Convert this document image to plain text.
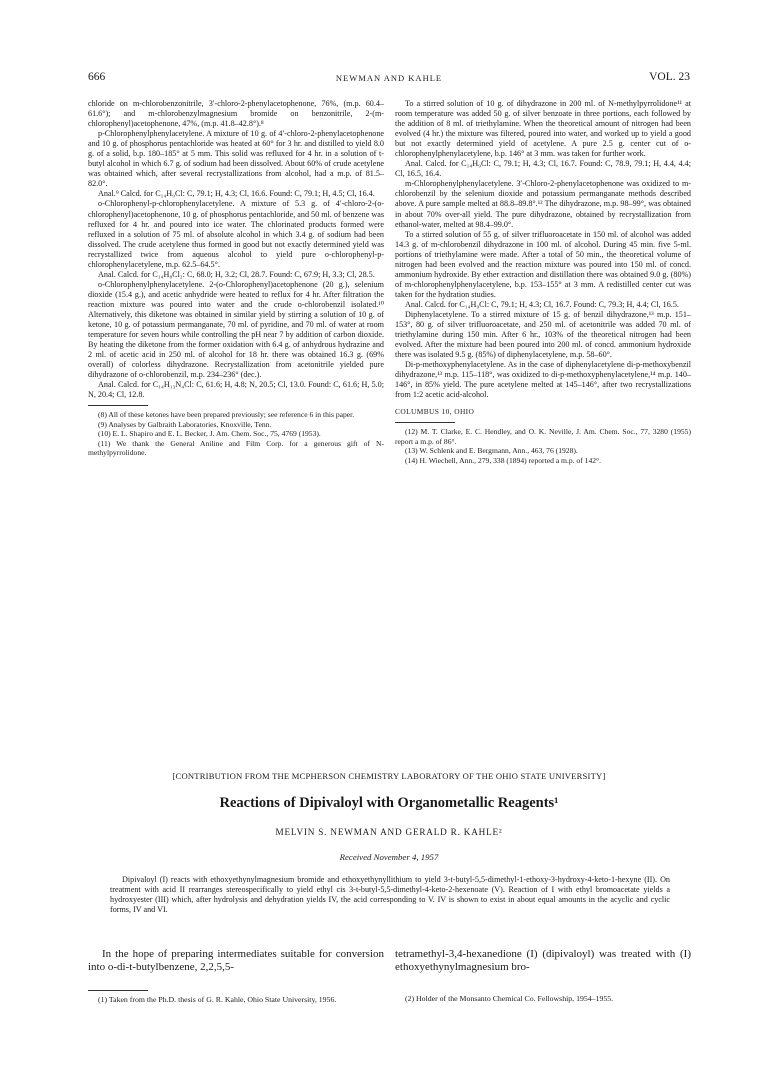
666	NEWMAN AND KAHLE	VOL. 23

chloride on m-chlorobenzonitrile, 3′-chloro-2-phenylacetophenone, 76%, (m.p. 60.4–61.6°); and m-chlorobenzylmagnesium bromide on benzonitrile, 2-(m-chlorophenyl)acetophenone, 47%, (m.p. 41.8–42.8°).⁸

p-Chlorophenylphenylacetylene. A mixture of 10 g. of 4′-chloro-2-phenylacetophenone and 10 g. of phosphorus pentachloride was heated at 60° for 3 hr. and distilled to yield 8.0 g. of a solid, b.p. 180–185° at 5 mm. This solid was refluxed for 4 hr. in a solution of t-butyl alcohol in which 6.7 g. of sodium had been dissolved. About 60% of crude acetylene was obtained which, after several recrystallizations from alcohol, had a m.p. of 81.5–82.0°.

Anal.⁹ Calcd. for C₁₄H₉Cl: C, 79.1; H, 4.3; Cl, 16.6. Found: C, 79.1; H, 4.5; Cl, 16.4.

o-Chlorophenyl-p-chlorophenylacetylene. A mixture of 5.3 g. of 4′-chloro-2-(o-chlorophenyl)acetophenone, 10 g. of phosphorus pentachloride, and 50 ml. of benzene was refluxed for 4 hr. and poured into ice water. The chlorinated products formed were refluxed in a solution of 75 ml. of absolute alcohol in which 3.4 g. of sodium had been dissolved. The crude acetylene thus formed in good but not exactly determined yield was recrystallized twice from aqueous alcohol to yield pure o-chlorophenyl-p-chlorophenylacetylene, m.p. 62.5–64.5°.

Anal. Calcd. for C₁₄H₈Cl₂: C, 68.0; H, 3.2; Cl, 28.7. Found: C, 67.9; H, 3.3; Cl, 28.5.

o-Chlorophenylphenylacetylene. 2-(o-Chlorophenyl)acetophenone (20 g.), selenium dioxide (15.4 g.), and acetic anhydride were heated to reflux for 4 hr. After filtration the reaction mixture was poured into water and the crude o-chlorobenzil isolated.¹⁰ Alternatively, this diketone was obtained in similar yield by stirring a solution of 10 g. of ketone, 10 g. of potassium permanganate, 70 ml. of pyridine, and 70 ml. of water at room temperature for seven hours while controlling the pH near 7 by addition of carbon dioxide. By heating the diketone from the former oxidation with 6.4 g. of anhydrous hydrazine and 2 ml. of acetic acid in 250 ml. of alcohol for 18 hr. there was obtained 16.3 g. (69% overall) of colorless dihydrazone. Recrystallization from acetonitrile yielded pure dihydrazone of o-chlorobenzil, m.p. 234–236° (dec.).

Anal. Calcd. for C₁₄H₁₃N₄Cl: C, 61.6; H, 4.8; N, 20.5; Cl, 13.0. Found: C, 61.6; H, 5.0; N, 20.4; Cl, 12.8.

(8) All of these ketones have been prepared previously; see reference 6 in this paper.

(9) Analyses by Galbraith Laboratories, Knoxville, Tenn.

(10) E. L. Shapiro and E. L. Becker, J. Am. Chem. Soc., 75, 4769 (1953).

(11) We thank the General Aniline and Film Corp. for a generous gift of N-methylpyrrolidone.

To a stirred solution of 10 g. of dihydrazone in 200 ml. of N-methylpyrrolidone¹¹ at room temperature was added 50 g. of silver benzoate in three portions, each followed by the addition of 8 ml. of triethylamine. When the theoretical amount of nitrogen had been evolved (4 hr.) the mixture was filtered, poured into water, and worked up to yield a good but not exactly determined yield of acetylene. A pure 2.5 g. center cut of o-chlorophenylphenylacetylene, b.p. 146° at 3 mm. was taken for further work.

Anal. Calcd. for C₁₄H₉Cl: C, 79.1; H, 4.3; Cl, 16.7. Found: C, 78.9, 79.1; H, 4.4, 4.4; Cl, 16.5, 16.4.

m-Chlorophenylphenylacetylene. 3′-Chloro-2-phenylacetophenone was oxidized to m-chlorobenzil by the selenium dioxide and potassium permanganate methods described above. A pure sample melted at 88.8–89.8°.¹² The dihydrazone, m.p. 98–99°, was obtained in about 70% over-all yield. The pure dihydrazone, obtained by recrystallization from ethanol-water, melted at 98.4–99.0°.

To a stirred solution of 55 g. of silver trifluoroacetate in 150 ml. of alcohol was added 14.3 g. of m-chlorobenzil dihydrazone in 100 ml. of alcohol. During 45 min. five 5-ml. portions of triethylamine were made. After a total of 50 min., the theoretical volume of nitrogen had been evolved and the reaction mixture was poured into 150 ml. of concd. ammonium hydroxide. By ether extraction and distillation there was obtained 9.0 g. (80%) of m-chlorophenylphenylacetylene, b.p. 153–155° at 3 mm. A redistilled center cut was taken for the hydration studies.

Anal. Calcd. for C₁₄H₉Cl: C, 79.1; H, 4.3; Cl, 16.7. Found: C, 79.3; H, 4.4; Cl, 16.5.

Diphenylacetylene. To a stirred mixture of 15 g. of benzil dihydrazone,¹³ m.p. 151–153°, 80 g. of silver trifluoroacetate, and 250 ml. of acetonitrile was added 70 ml. of triethylamine during 150 min. After 6 hr., 103% of the theoretical nitrogen had been evolved. After the mixture had been poured into 200 ml. of concd. ammonium hydroxide there was isolated 9.5 g. (85%) of diphenylacetylene, m.p. 58–60°.

Di-p-methoxyphenylacetylene. As in the case of diphenylacetylene di-p-methoxybenzil dihydrazone,¹³ m.p. 115–118°, was oxidized to di-p-methoxyphenylacetylene,¹⁴ m.p. 140–146°, in 85% yield. The pure acetylene melted at 145–146°, after two recrystallizations from 1:2 acetic acid-alcohol.

COLUMBUS 10, OHIO

(12) M. T. Clarke, E. C. Hendley, and O. K. Neville, J. Am. Chem. Soc., 77, 3280 (1955) report a m.p. of 86°.

(13) W. Schlenk and E. Bergmann, Ann., 463, 76 (1928).

(14) H. Wiechell, Ann., 279, 338 (1894) reported a m.p. of 142°.

[CONTRIBUTION FROM THE MCPHERSON CHEMISTRY LABORATORY OF THE OHIO STATE UNIVERSITY]
Reactions of Dipivaloyl with Organometallic Reagents¹
MELVIN S. NEWMAN AND GERALD R. KAHLE²
Received November 4, 1957

Dipivaloyl (I) reacts with ethoxyethynylmagnesium bromide and ethoxyethynyllithium to yield 3-t-butyl-5,5-dimethyl-1-ethoxy-3-hydroxy-4-keto-1-hexyne (II). On treatment with acid II rearranges stereospecifically to yield ethyl cis 3-t-butyl-5,5-dimethyl-4-keto-2-hexenoate (V). Reaction of I with ethyl bromoacetate yields a hydroxyester (III) which, after hydrolysis and dehydration yields IV, the acid corresponding to V. IV is shown to exist in about equal amounts in the acyclic and cyclic forms, IV and VI.

In the hope of preparing intermediates suitable for conversion into o-di-t-butylbenzene, 2,2,5,5-

tetramethyl-3,4-hexanedione (I) (dipivaloyl) was treated with (I) ethoxyethynylmagnesium bro-

(1) Taken from the Ph.D. thesis of G. R. Kahle, Ohio State University, 1956.	(2) Holder of the Monsanto Chemical Co. Fellowship, 1954–1955.
